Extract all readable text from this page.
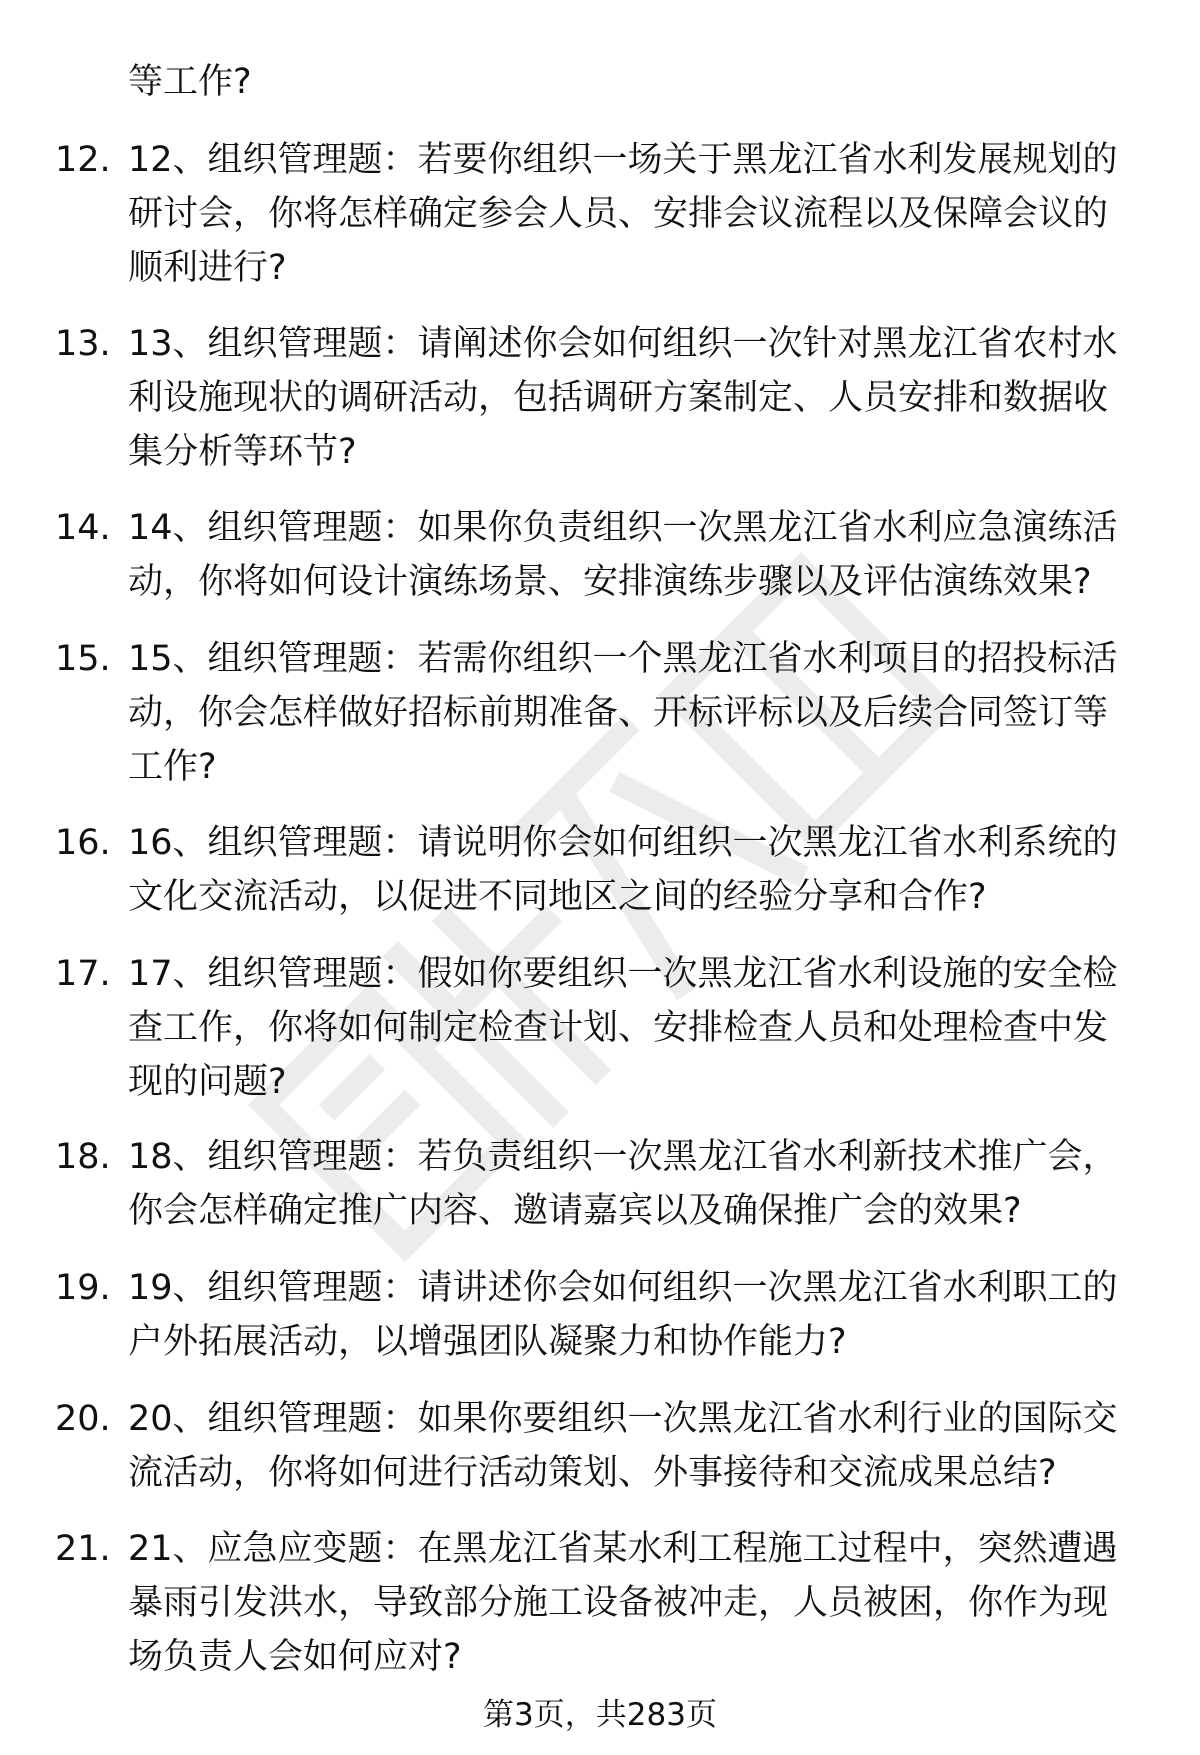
等工作?
12. 12、组织管理题：若要你组织一场关于黑龙江省水利发展规划的
研讨会，你将怎样确定参会人员、安排会议流程以及保障会议的
顺利进行?
13. 13、组织管理题：请阐述你会如何组织一次针对黑龙江省农村水
利设施现状的调研活动，包括调研方案制定、人员安排和数据收
集分析等环节?
14. 14、组织管理题：如果你负责组织一次黑龙江省水利应急演练活
动，你将如何设计演练场景、安排演练步骤以及评估演练效果?
15. 15、组织管理题：若需你组织一个黑龙江省水利项目的招投标活
动，你会怎样做好招标前期准备、开标评标以及后续合同签订等
工作?
16. 16、组织管理题：请说明你会如何组织一次黑龙江省水利系统的
文化交流活动，以促进不同地区之间的经验分享和合作?
17. 17、组织管理题：假如你要组织一次黑龙江省水利设施的安全检
查工作，你将如何制定检查计划、安排检查人员和处理检查中发
现的问题?
18. 18、组织管理题：若负责组织一次黑龙江省水利新技术推广会，
你会怎样确定推广内容、邀请嘉宾以及确保推广会的效果?
19. 19、组织管理题：请讲述你会如何组织一次黑龙江省水利职工的
户外拓展活动，以增强团队凝聚力和协作能力?
20. 20、组织管理题：如果你要组织一次黑龙江省水利行业的国际交
流活动，你将如何进行活动策划、外事接待和交流成果总结?
21. 21、应急应变题：在黑龙江省某水利工程施工过程中，突然遭遇
暴雨引发洪水，导致部分施工设备被冲走，人员被困，你作为现
场负责人会如何应对?
第3页，共283页
